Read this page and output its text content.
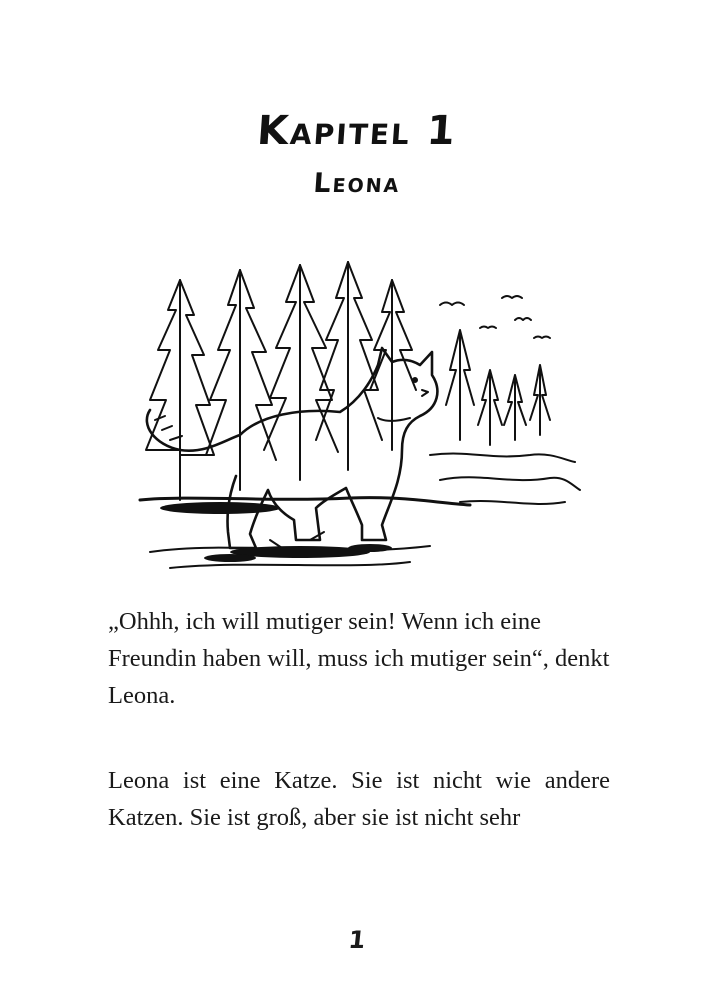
Kapitel 1
Leona

„Ohhh, ich will mutiger sein! Wenn ich eine Freundin haben will, muss ich mutiger sein“, denkt Leona.

Leona ist eine Katze. Sie ist nicht wie andere Katzen. Sie ist groß, aber sie ist nicht sehr

1
